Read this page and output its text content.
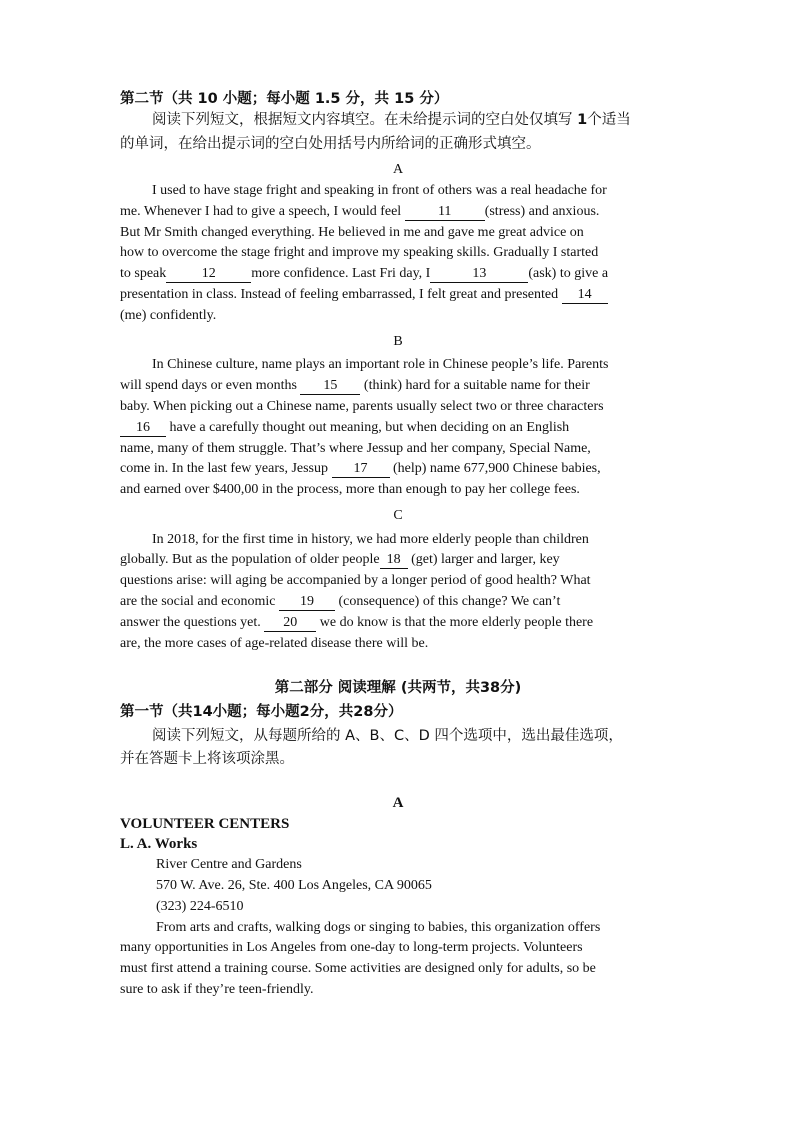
第二节（共 10 小题；每小题 1.5 分，共 15 分）
阅读下列短文，根据短文内容填空。在未给提示词的空白处仅填写 1个适当
的单词，在给出提示词的空白处用括号内所给词的正确形式填空。
A
I used to have stage fright and speaking in front of others was a real headache for
me. Whenever I had to give a speech, I would feel 11 (stress) and anxious.
But Mr Smith changed everything. He believed in me and gave me great advice on
how to overcome the stage fright and improve my speaking skills. Gradually I started
to speak	12	more confidence. Last Fri day, I	13	(ask) to give a
presentation in class. Instead of feeling embarrassed, I felt great and presented 14
(me) confidently.
B
In Chinese culture, name plays an important role in Chinese people’s life. Parents
will spend days or even months 15 (think) hard for a suitable name for their
baby. When picking out a Chinese name, parents usually select two or three characters
16 have a carefully thought out meaning, but when deciding on an English
name, many of them struggle. That’s where Jessup and her company, Special Name,
come in. In the last few years, Jessup 17 (help) name 677,900 Chinese babies,
and earned over $400,00 in the process, more than enough to pay her college fees.
C
In 2018, for the first time in history, we had more elderly people than children
globally. But as the population of older people 18 (get) larger and larger, key
questions arise: will aging be accompanied by a longer period of good health? What
are the social and economic 19 (consequence) of this change? We can’t
answer the questions yet. 20 we do know is that the more elderly people there
are, the more cases of age-related disease there will be.
第二部分 阅读理解 (共两节，共38分)
第一节（共14小题；每小题2分，共28分）
阅读下列短文，从每题所给的 A、B、C、D 四个选项中，选出最佳选项，
并在答题卡上将该项涂黑。
A
VOLUNTEER CENTERS
L. A. Works
River Centre and Gardens
570 W. Ave. 26, Ste. 400 Los Angeles, CA 90065
(323) 224-6510
From arts and crafts, walking dogs or singing to babies, this organization offers
many opportunities in Los Angeles from one-day to long-term projects. Volunteers
must first attend a training course. Some activities are designed only for adults, so be
sure to ask if they’re teen-friendly.
